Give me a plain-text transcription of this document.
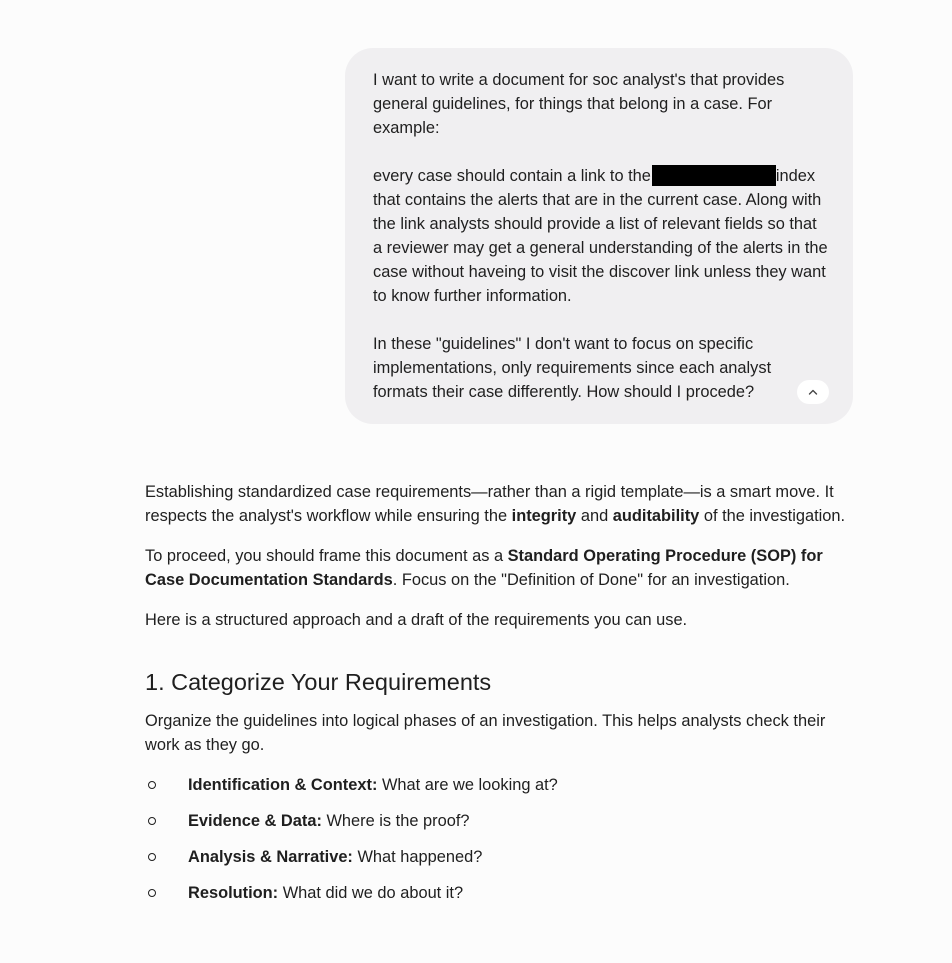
I want to write a document for soc analyst's that provides general guidelines, for things that belong in a case. For example:

every case should contain a link to the	index that contains the alerts that are in the current case. Along with the link analysts should provide a list of relevant fields so that a reviewer may get a general understanding of the alerts in the case without haveing to visit the discover link unless they want to know further information.

In these "guidelines" I don't want to focus on specific implementations, only requirements since each analyst formats their case differently. How should I procede?

Establishing standardized case requirements—rather than a rigid template—is a smart move. It respects the analyst's workflow while ensuring the integrity and auditability of the investigation.

To proceed, you should frame this document as a Standard Operating Procedure (SOP) for Case Documentation Standards. Focus on the "Definition of Done" for an investigation.

Here is a structured approach and a draft of the requirements you can use.

1. Categorize Your Requirements

Organize the guidelines into logical phases of an investigation. This helps analysts check their work as they go.

Identification & Context: What are we looking at?
Evidence & Data: Where is the proof?
Analysis & Narrative: What happened?
Resolution: What did we do about it?
